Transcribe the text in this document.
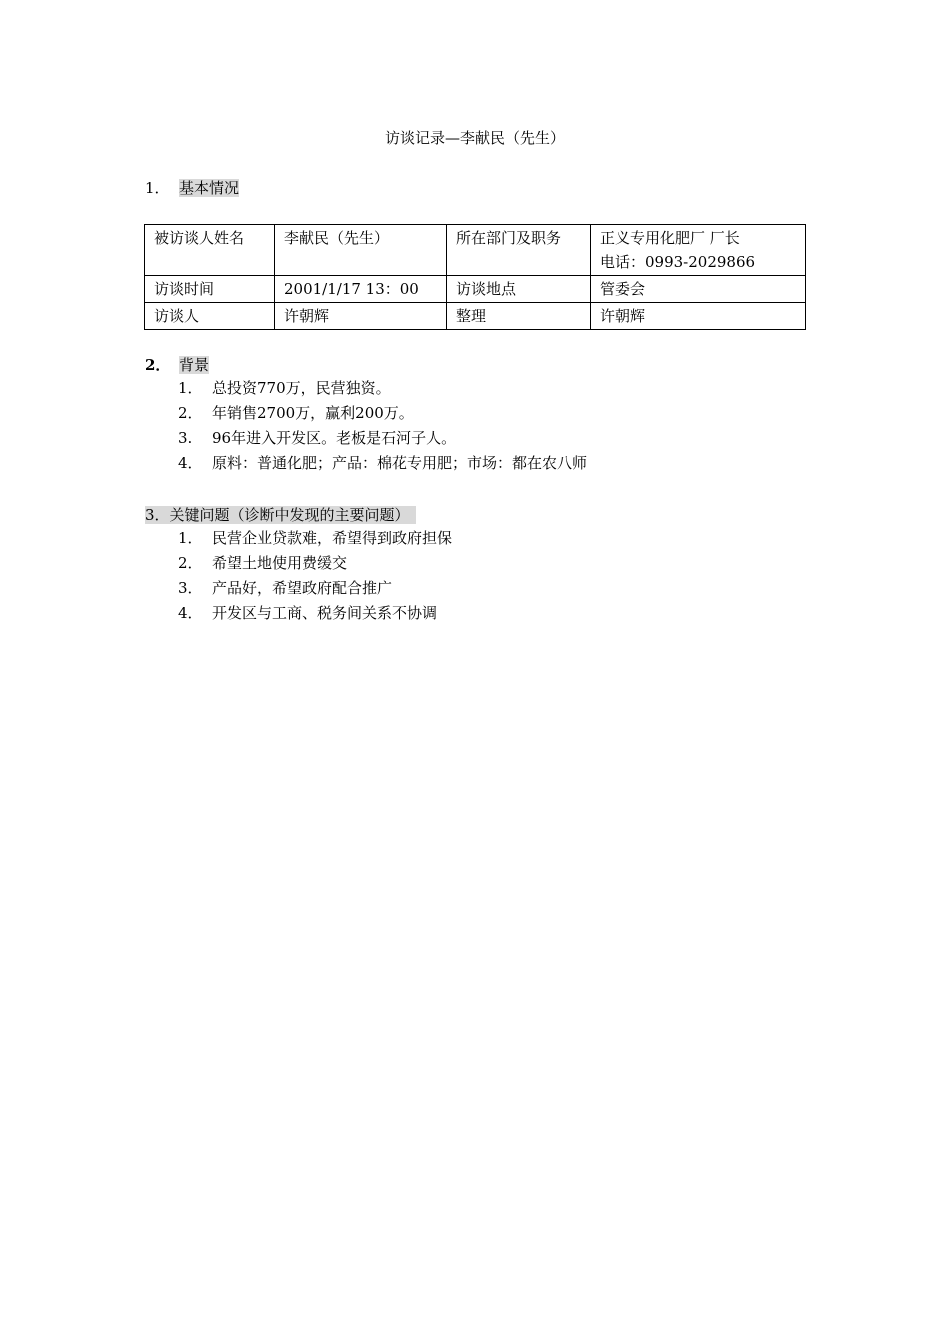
访谈记录—李献民（先生）
1． 基本情况
被访谈人姓名	李献民（先生）	所在部门及职务	正义专用化肥厂 厂长
电话：0993-2029866

访谈时间	2001/1/17 13：00	访谈地点	管委会
访谈人	许朝辉	整理	许朝辉
2． 背景
1． 总投资770万，民营独资。
2． 年销售2700万，赢利200万。
3. 96年进入开发区。老板是石河子人。
4． 原料：普通化肥；产品：棉花专用肥；市场：都在农八师
3．关键问题（诊断中发现的主要问题）
1． 民营企业贷款难，希望得到政府担保
2． 希望土地使用费缓交
3． 产品好，希望政府配合推广
4． 开发区与工商、税务间关系不协调
